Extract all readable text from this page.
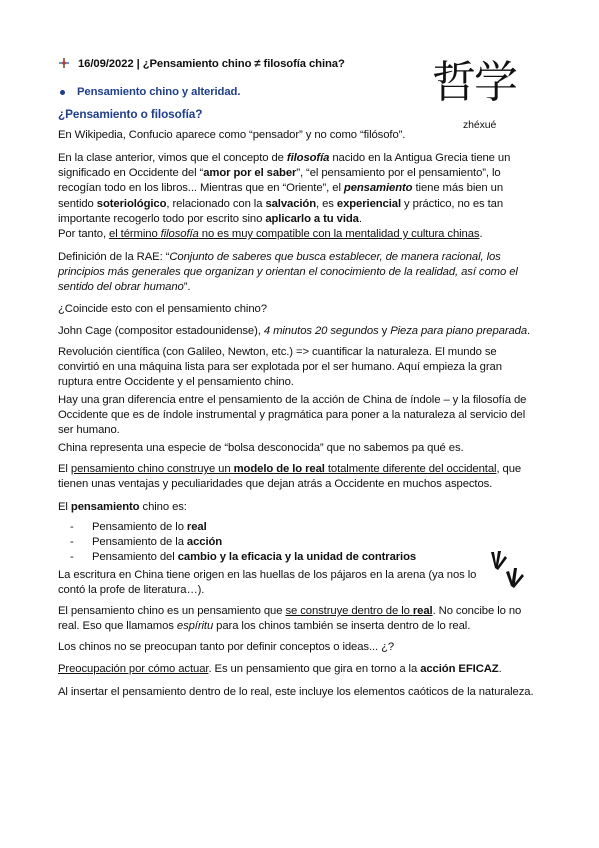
16/09/2022 | ¿Pensamiento chino ≠ filosofía china? 哲学
zhéxué
Pensamiento chino y alteridad.
¿Pensamiento o filosofía?

En Wikipedia, Confucio aparece como “pensador” y no como “filósofo”.

En la clase anterior, vimos que el concepto de filosofía nacido en la Antigua Grecia tiene un significado en Occidente del “amor por el saber”, “el pensamiento por el pensamiento”, lo recogían todo en los libros... Mientras que en “Oriente”, el pensamiento tiene más bien un sentido soteriológico, relacionado con la salvación, es experiencial y práctico, no es tan importante recogerlo todo por escrito sino aplicarlo a tu vida.

Por tanto, el término filosofía no es muy compatible con la mentalidad y cultura chinas.

Definición de la RAE: “Conjunto de saberes que busca establecer, de manera racional, los principios más generales que organizan y orientan el conocimiento de la realidad, así como el sentido del obrar humano”.

¿Coincide esto con el pensamiento chino?

John Cage (compositor estadounidense), 4 minutos 20 segundos y Pieza para piano preparada.

Revolución científica (con Galileo, Newton, etc.) => cuantificar la naturaleza. El mundo se convirtió en una máquina lista para ser explotada por el ser humano. Aquí empieza la gran ruptura entre Occidente y el pensamiento chino.

Hay una gran diferencia entre el pensamiento de la acción de China de índole – y la filosofía de Occidente que es de índole instrumental y pragmática para poner a la naturaleza al servicio del ser humano.

China representa una especie de “bolsa desconocida” que no sabemos pa qué es.

El pensamiento chino construye un modelo de lo real totalmente diferente del occidental, que tienen unas ventajas y peculiaridades que dejan atrás a Occidente en muchos aspectos.

El pensamiento chino es:

- Pensamiento de lo real
- Pensamiento de la acción
- Pensamiento del cambio y la eficacia y la unidad de contrarios

La escritura en China tiene origen en las huellas de los pájaros en la arena (ya nos lo contó la profe de literatura…).

El pensamiento chino es un pensamiento que se construye dentro de lo real. No concibe lo no real. Eso que llamamos espíritu para los chinos también se inserta dentro de lo real.

Los chinos no se preocupan tanto por definir conceptos o ideas... ¿?

Preocupación por cómo actuar. Es un pensamiento que gira en torno a la acción EFICAZ.

Al insertar el pensamiento dentro de lo real, este incluye los elementos caóticos de la naturaleza.
